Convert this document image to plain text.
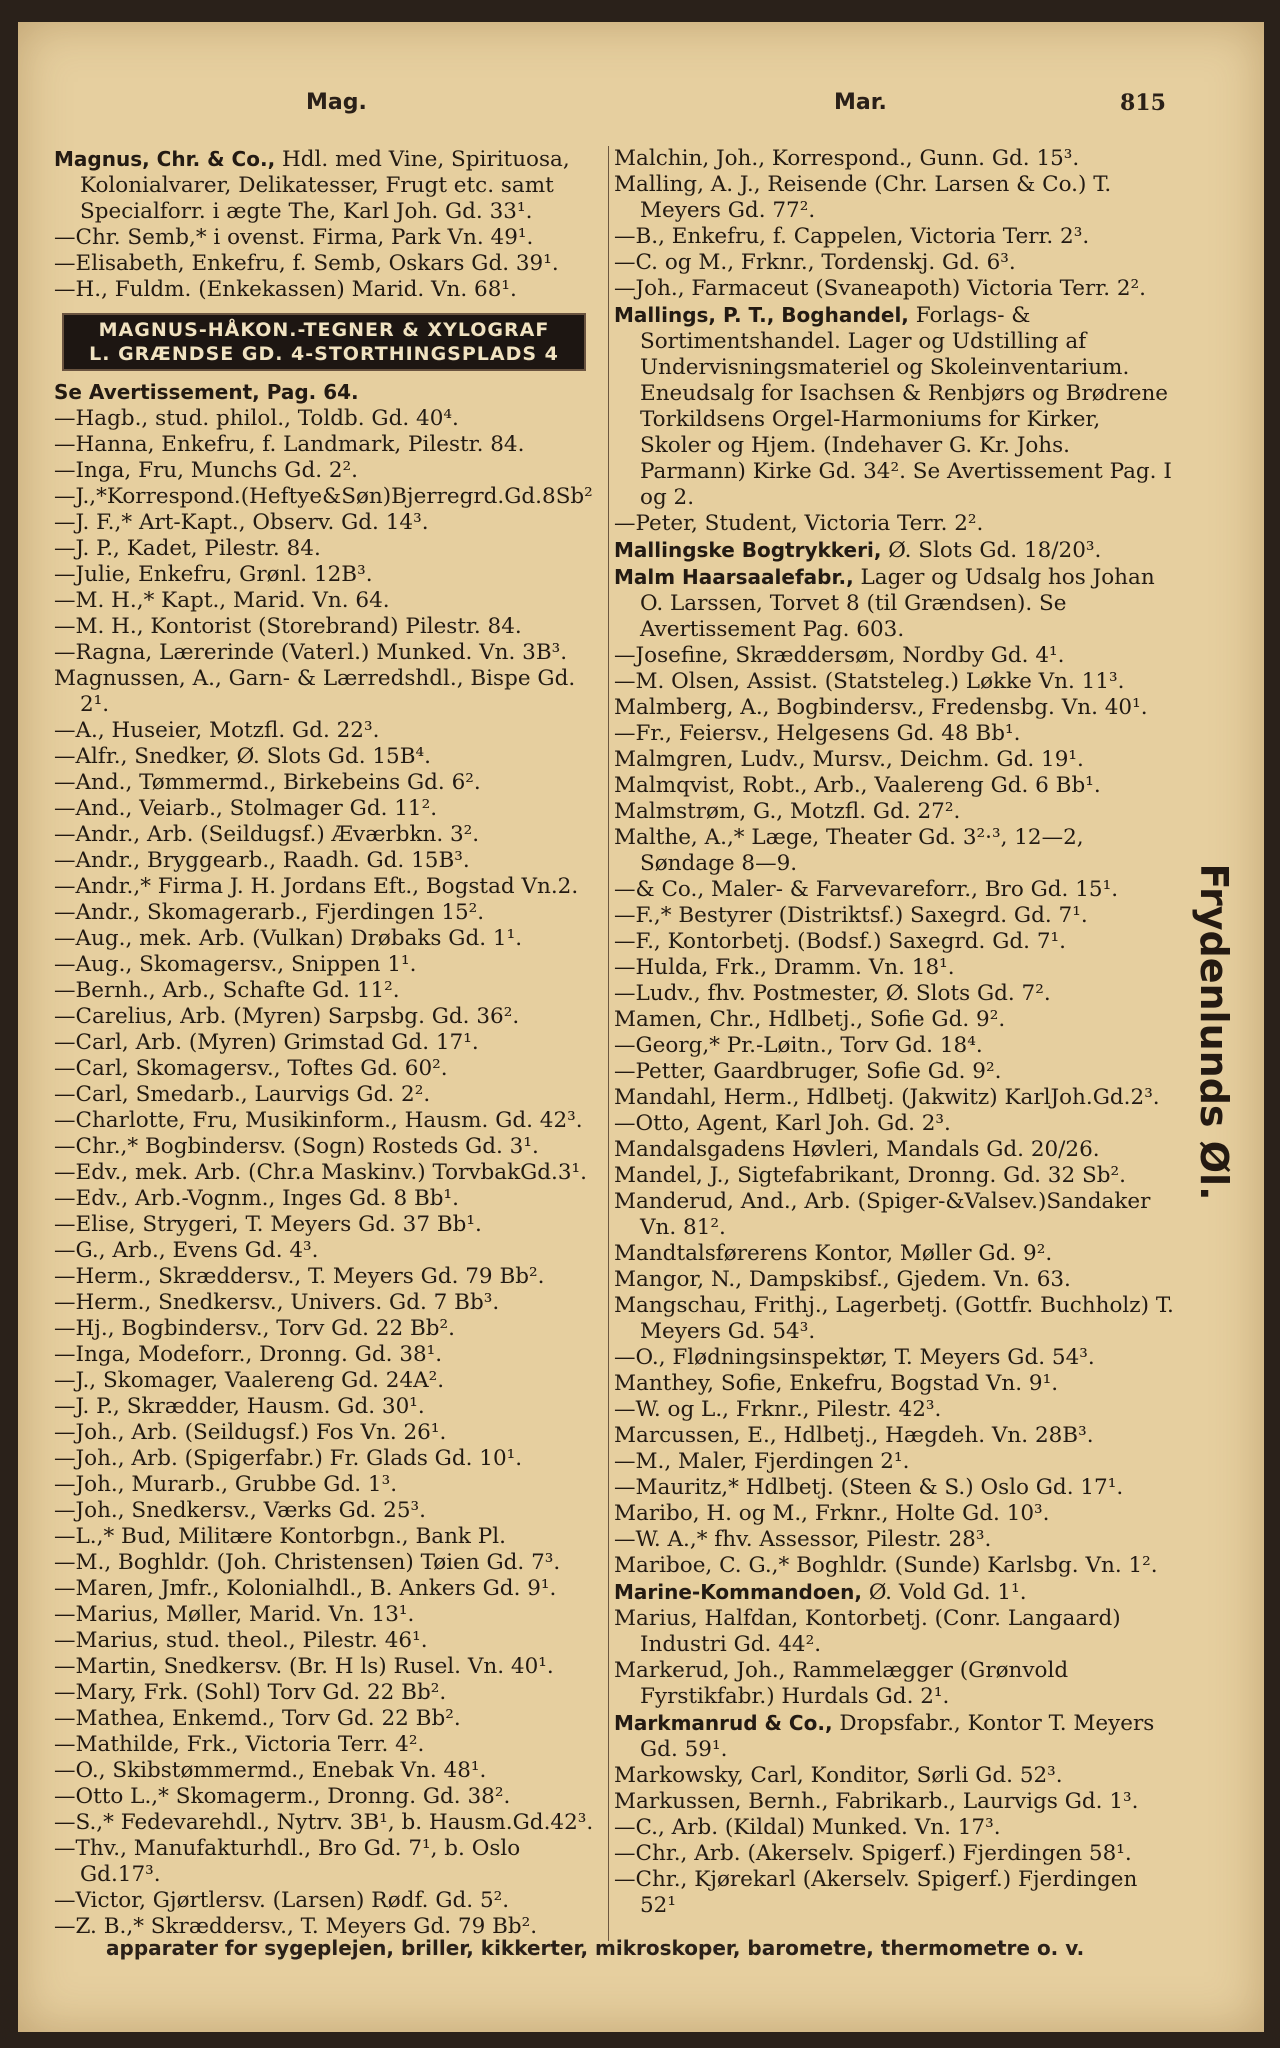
Mag.	Mar.	815
Magnus, Chr. & Co., Hdl. med Vine, Spirituosa, Kolonialvarer, Delikatesser, Frugt etc. samt Specialforr. i ægte The, Karl Joh. Gd. 33¹.
—Chr. Semb,* i ovenst. Firma, Park Vn. 49¹.
—Elisabeth, Enkefru, f. Semb, Oskars Gd. 39¹.
—H., Fuldm. (Enkekassen) Marid. Vn. 68¹.
MAGNUS-HÅKON.-TEGNER & XYLOGRAF
L. GRÆNDSE GD. 4-STORTHINGSPLADS 4
Se Avertissement, Pag. 64.
—Hagb., stud. philol., Toldb. Gd. 40⁴.
—Hanna, Enkefru, f. Landmark, Pilestr. 84.
—Inga, Fru, Munchs Gd. 2².
—J.,*Korrespond.(Heftye&Søn)Bjerregrd.Gd.8Sb²
—J. F.,* Art-Kapt., Observ. Gd. 14³.
—J. P., Kadet, Pilestr. 84.
—Julie, Enkefru, Grønl. 12B³.
—M. H.,* Kapt., Marid. Vn. 64.
—M. H., Kontorist (Storebrand) Pilestr. 84.
—Ragna, Lærerinde (Vaterl.) Munked. Vn. 3B³.
Magnussen, A., Garn- & Lærredshdl., Bispe Gd. 2¹.
—A., Huseier, Motzfl. Gd. 22³.
—Alfr., Snedker, Ø. Slots Gd. 15B⁴.
—And., Tømmermd., Birkebeins Gd. 6².
—And., Veiarb., Stolmager Gd. 11².
—Andr., Arb. (Seildugsf.) Æværbkn. 3².
—Andr., Bryggearb., Raadh. Gd. 15B³.
—Andr.,* Firma J. H. Jordans Eft., Bogstad Vn.2.
—Andr., Skomagerarb., Fjerdingen 15².
—Aug., mek. Arb. (Vulkan) Drøbaks Gd. 1¹.
—Aug., Skomagersv., Snippen 1¹.
—Bernh., Arb., Schafte Gd. 11².
—Carelius, Arb. (Myren) Sarpsbg. Gd. 36².
—Carl, Arb. (Myren) Grimstad Gd. 17¹.
—Carl, Skomagersv., Toftes Gd. 60².
—Carl, Smedarb., Laurvigs Gd. 2².
—Charlotte, Fru, Musikinform., Hausm. Gd. 42³.
—Chr.,* Bogbindersv. (Sogn) Rosteds Gd. 3¹.
—Edv., mek. Arb. (Chr.a Maskinv.) TorvbakGd.3¹.
—Edv., Arb.-Vognm., Inges Gd. 8 Bb¹.
—Elise, Strygeri, T. Meyers Gd. 37 Bb¹.
—G., Arb., Evens Gd. 4³.
—Herm., Skræddersv., T. Meyers Gd. 79 Bb².
—Herm., Snedkersv., Univers. Gd. 7 Bb³.
—Hj., Bogbindersv., Torv Gd. 22 Bb².
—Inga, Modeforr., Dronng. Gd. 38¹.
—J., Skomager, Vaalereng Gd. 24A².
—J. P., Skrædder, Hausm. Gd. 30¹.
—Joh., Arb. (Seildugsf.) Fos Vn. 26¹.
—Joh., Arb. (Spigerfabr.) Fr. Glads Gd. 10¹.
—Joh., Murarb., Grubbe Gd. 1³.
—Joh., Snedkersv., Værks Gd. 25³.
—L.,* Bud, Militære Kontorbgn., Bank Pl.
—M., Boghldr. (Joh. Christensen) Tøien Gd. 7³.
—Maren, Jmfr., Kolonialhdl., B. Ankers Gd. 9¹.
—Marius, Møller, Marid. Vn. 13¹.
—Marius, stud. theol., Pilestr. 46¹.
—Martin, Snedkersv. (Br. H ls) Rusel. Vn. 40¹.
—Mary, Frk. (Sohl) Torv Gd. 22 Bb².
—Mathea, Enkemd., Torv Gd. 22 Bb².
—Mathilde, Frk., Victoria Terr. 4².
—O., Skibstømmermd., Enebak Vn. 48¹.
—Otto L.,* Skomagerm., Dronng. Gd. 38².
—S.,* Fedevarehdl., Nytrv. 3B¹, b. Hausm.Gd.42³.
—Thv., Manufakturhdl., Bro Gd. 7¹, b. Oslo Gd.17³.
—Victor, Gjørtlersv. (Larsen) Rødf. Gd. 5².
—Z. B.,* Skræddersv., T. Meyers Gd. 79 Bb².
Malchin, Joh., Korrespond., Gunn. Gd. 15³.
Malling, A. J., Reisende (Chr. Larsen & Co.) T. Meyers Gd. 77².
—B., Enkefru, f. Cappelen, Victoria Terr. 2³.
—C. og M., Frknr., Tordenskj. Gd. 6³.
—Joh., Farmaceut (Svaneapoth) Victoria Terr. 2².
Mallings, P. T., Boghandel, Forlags- & Sortimentshandel. Lager og Udstilling af Undervisningsmateriel og Skoleinventarium. Eneudsalg for Isachsen & Renbjørs og Brødrene Torkildsens Orgel-Harmoniums for Kirker, Skoler og Hjem. (Indehaver G. Kr. Johs. Parmann) Kirke Gd. 34². Se Avertissement Pag. I og 2.
—Peter, Student, Victoria Terr. 2².
Mallingske Bogtrykkeri, Ø. Slots Gd. 18/20³.
Malm Haarsaalefabr., Lager og Udsalg hos Johan O. Larssen, Torvet 8 (til Grændsen). Se Avertissement Pag. 603.
—Josefine, Skræddersøm, Nordby Gd. 4¹.
—M. Olsen, Assist. (Statsteleg.) Løkke Vn. 11³.
Malmberg, A., Bogbindersv., Fredensbg. Vn. 40¹.
—Fr., Feiersv., Helgesens Gd. 48 Bb¹.
Malmgren, Ludv., Mursv., Deichm. Gd. 19¹.
Malmqvist, Robt., Arb., Vaalereng Gd. 6 Bb¹.
Malmstrøm, G., Motzfl. Gd. 27².
Malthe, A.,* Læge, Theater Gd. 3²·³, 12—2, Søndage 8—9.
—& Co., Maler- & Farvevareforr., Bro Gd. 15¹.
—F.,* Bestyrer (Distriktsf.) Saxegrd. Gd. 7¹.
—F., Kontorbetj. (Bodsf.) Saxegrd. Gd. 7¹.
—Hulda, Frk., Dramm. Vn. 18¹.
—Ludv., fhv. Postmester, Ø. Slots Gd. 7².
Mamen, Chr., Hdlbetj., Sofie Gd. 9².
—Georg,* Pr.-Løitn., Torv Gd. 18⁴.
—Petter, Gaardbruger, Sofie Gd. 9².
Mandahl, Herm., Hdlbetj. (Jakwitz) KarlJoh.Gd.2³.
—Otto, Agent, Karl Joh. Gd. 2³.
Mandalsgadens Høvleri, Mandals Gd. 20/26.
Mandel, J., Sigtefabrikant, Dronng. Gd. 32 Sb².
Manderud, And., Arb. (Spiger-&Valsev.)Sandaker Vn. 81².
Mandtalsførerens Kontor, Møller Gd. 9².
Mangor, N., Dampskibsf., Gjedem. Vn. 63.
Mangschau, Frithj., Lagerbetj. (Gottfr. Buchholz) T. Meyers Gd. 54³.
—O., Flødningsinspektør, T. Meyers Gd. 54³.
Manthey, Sofie, Enkefru, Bogstad Vn. 9¹.
—W. og L., Frknr., Pilestr. 42³.
Marcussen, E., Hdlbetj., Hægdeh. Vn. 28B³.
—M., Maler, Fjerdingen 2¹.
—Mauritz,* Hdlbetj. (Steen & S.) Oslo Gd. 17¹.
Maribo, H. og M., Frknr., Holte Gd. 10³.
—W. A.,* fhv. Assessor, Pilestr. 28³.
Mariboe, C. G.,* Boghldr. (Sunde) Karlsbg. Vn. 1².
Marine-Kommandoen, Ø. Vold Gd. 1¹.
Marius, Halfdan, Kontorbetj. (Conr. Langaard) Industri Gd. 44².
Markerud, Joh., Rammelægger (Grønvold Fyrstikfabr.) Hurdals Gd. 2¹.
Markmanrud & Co., Dropsfabr., Kontor T. Meyers Gd. 59¹.
Markowsky, Carl, Konditor, Sørli Gd. 52³.
Markussen, Bernh., Fabrikarb., Laurvigs Gd. 1³.
—C., Arb. (Kildal) Munked. Vn. 17³.
—Chr., Arb. (Akerselv. Spigerf.) Fjerdingen 58¹.
—Chr., Kjørekarl (Akerselv. Spigerf.) Fjerdingen 52¹
Frydenlunds Øl.
apparater for sygeplejen, briller, kikkerter, mikroskoper, barometre, thermometre o. v.
